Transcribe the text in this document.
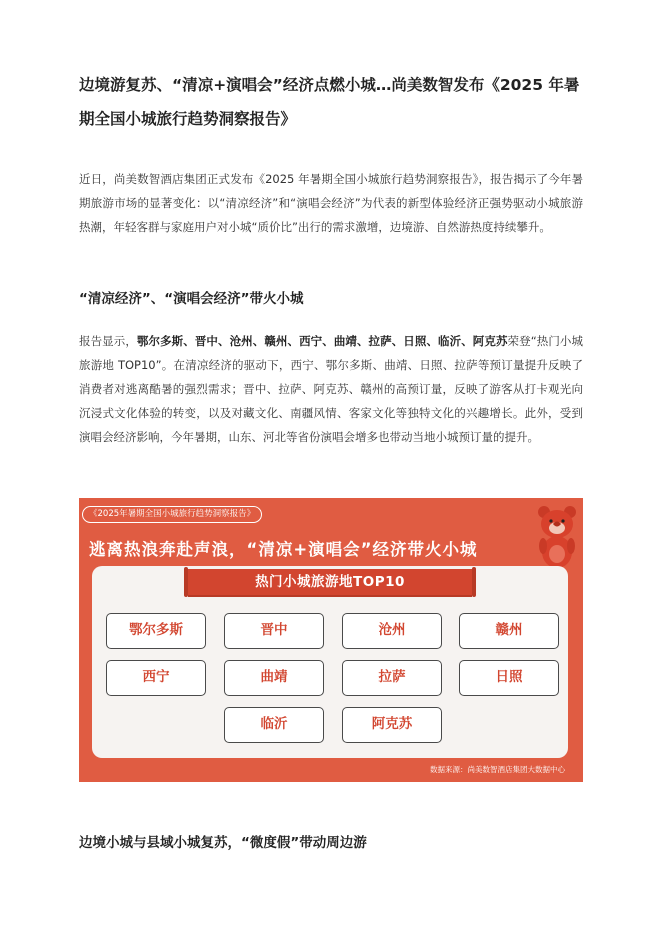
边境游复苏、“清凉+演唱会”经济点燃小城…尚美数智发布《2025 年暑期全国小城旅行趋势洞察报告》

近日，尚美数智酒店集团正式发布《2025 年暑期全国小城旅行趋势洞察报告》，报告揭示了今年暑期旅游市场的显著变化：以“清凉经济”和“演唱会经济”为代表的新型体验经济正强势驱动小城旅游热潮，年轻客群与家庭用户对小城“质价比”出行的需求激增，边境游、自然游热度持续攀升。

“清凉经济”、“演唱会经济”带火小城

报告显示，鄂尔多斯、晋中、沧州、赣州、西宁、曲靖、拉萨、日照、临沂、阿克苏荣登“热门小城旅游地 TOP10”。在清凉经济的驱动下，西宁、鄂尔多斯、曲靖、日照、拉萨等预订量提升反映了消费者对逃离酷暑的强烈需求；晋中、拉萨、阿克苏、赣州的高预订量，反映了游客从打卡观光向沉浸式文化体验的转变，以及对藏文化、南疆风情、客家文化等独特文化的兴趣增长。此外，受到演唱会经济影响，今年暑期，山东、河北等省份演唱会增多也带动当地小城预订量的提升。

边境小城与县域小城复苏，“微度假”带动周边游
《2025年暑期全国小城旅行趋势洞察报告》
逃离热浪奔赴声浪，“清凉+演唱会”经济带火小城
热门小城旅游地TOP10
鄂尔多斯	晋中	沧州	赣州
西宁	曲靖	拉萨	日照
临沂	阿克苏
数据来源：尚美数智酒店集团大数据中心
